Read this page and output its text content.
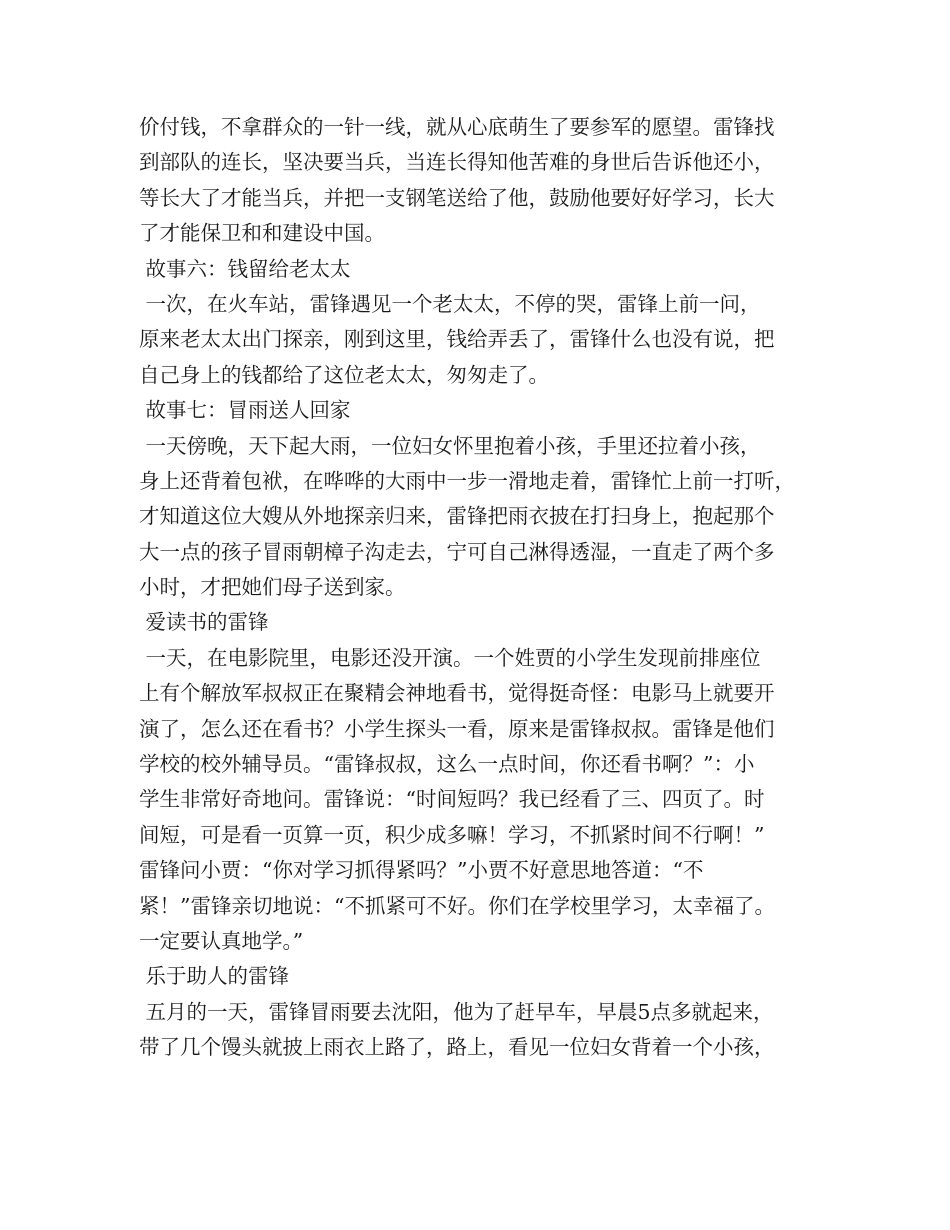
价付钱，不拿群众的一针一线，就从心底萌生了要参军的愿望。雷锋找
到部队的连长，坚决要当兵，当连长得知他苦难的身世后告诉他还小，
等长大了才能当兵，并把一支钢笔送给了他，鼓励他要好好学习，长大
了才能保卫和和建设中国。
故事六：钱留给老太太
一次，在火车站，雷锋遇见一个老太太，不停的哭，雷锋上前一问，
原来老太太出门探亲，刚到这里，钱给弄丢了，雷锋什么也没有说，把
自己身上的钱都给了这位老太太，匆匆走了。
故事七：冒雨送人回家
一天傍晚，天下起大雨，一位妇女怀里抱着小孩，手里还拉着小孩，
身上还背着包袱，在哗哗的大雨中一步一滑地走着，雷锋忙上前一打听，
才知道这位大嫂从外地探亲归来，雷锋把雨衣披在打扫身上，抱起那个
大一点的孩子冒雨朝樟子沟走去，宁可自己淋得透湿，一直走了两个多
小时，才把她们母子送到家。
爱读书的雷锋
一天，在电影院里，电影还没开演。一个姓贾的小学生发现前排座位
上有个解放军叔叔正在聚精会神地看书，觉得挺奇怪：电影马上就要开
演了，怎么还在看书？小学生探头一看，原来是雷锋叔叔。雷锋是他们
学校的校外辅导员。“雷锋叔叔，这么一点时间，你还看书啊？”：小
学生非常好奇地问。雷锋说：“时间短吗？我已经看了三、四页了。时
间短，可是看一页算一页，积少成多嘛！学习，不抓紧时间不行啊！”
雷锋问小贾：“你对学习抓得紧吗？”小贾不好意思地答道：“不
紧！”雷锋亲切地说：“不抓紧可不好。你们在学校里学习，太幸福了。
一定要认真地学。”
乐于助人的雷锋
五月的一天，雷锋冒雨要去沈阳，他为了赶早车，早晨5点多就起来，
带了几个馒头就披上雨衣上路了，路上，看见一位妇女背着一个小孩，
